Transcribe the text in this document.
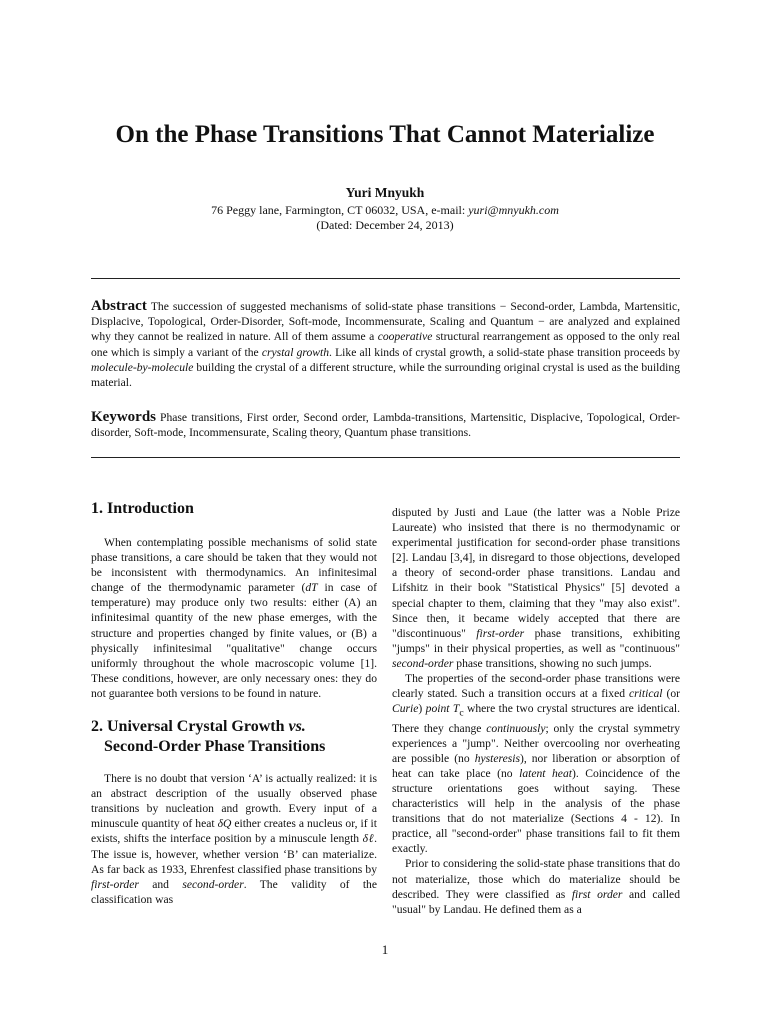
On the Phase Transitions That Cannot Materialize

Yuri Mnyukh

76 Peggy lane, Farmington, CT 06032, USA, e-mail: yuri@mnyukh.com
(Dated: December 24, 2013)

Abstract The succession of suggested mechanisms of solid-state phase transitions − Second-order, Lambda, Martensitic, Displacive, Topological, Order-Disorder, Soft-mode, Incommensurate, Scaling and Quantum − are analyzed and explained why they cannot be realized in nature. All of them assume a cooperative structural rearrangement as opposed to the only real one which is simply a variant of the crystal growth. Like all kinds of crystal growth, a solid-state phase transition proceeds by molecule-by-molecule building the crystal of a different structure, while the surrounding original crystal is used as the building material.

Keywords Phase transitions, First order, Second order, Lambda-transitions, Martensitic, Displacive, Topological, Order-disorder, Soft-mode, Incommensurate, Scaling theory, Quantum phase transitions.

1. Introduction

When contemplating possible mechanisms of solid state phase transitions, a care should be taken that they would not be inconsistent with thermodynamics. An infinitesimal change of the thermodynamic parameter (dT in case of temperature) may produce only two results: either (A) an infinitesimal quantity of the new phase emerges, with the structure and properties changed by finite values, or (B) a physically infinitesimal "qualitative" change occurs uniformly throughout the whole macroscopic volume [1]. These conditions, however, are only necessary ones: they do not guarantee both versions to be found in nature.

2. Universal Crystal Growth vs.
Second-Order Phase Transitions

There is no doubt that version ‘A’ is actually realized: it is an abstract description of the usually observed phase transitions by nucleation and growth. Every input of a minuscule quantity of heat δQ either creates a nucleus or, if it exists, shifts the interface position by a minuscule length δℓ. The issue is, however, whether version ‘B’ can materialize. As far back as 1933, Ehrenfest classified phase transitions by first-order and second-order. The validity of the classification was

disputed by Justi and Laue (the latter was a Noble Prize Laureate) who insisted that there is no thermodynamic or experimental justification for second-order phase transitions [2]. Landau [3,4], in disregard to those objections, developed a theory of second-order phase transitions. Landau and Lifshitz in their book "Statistical Physics" [5] devoted a special chapter to them, claiming that they "may also exist". Since then, it became widely accepted that there are "discontinuous" first-order phase transitions, exhibiting "jumps" in their physical properties, as well as "continuous" second-order phase transitions, showing no such jumps.

The properties of the second-order phase transitions were clearly stated. Such a transition occurs at a fixed critical (or Curie) point $T_c$ where the two crystal structures are identical. There they change continuously; only the crystal symmetry experiences a "jump". Neither overcooling nor overheating are possible (no hysteresis), nor liberation or absorption of heat can take place (no latent heat). Coincidence of the structure orientations goes without saying. These characteristics will help in the analysis of the phase transitions that do not materialize (Sections 4 - 12). In practice, all "second-order" phase transitions fail to fit them exactly.

Prior to considering the solid-state phase transitions that do not materialize, those which do materialize should be described. They were classified as first order and called "usual" by Landau. He defined them as a

1
